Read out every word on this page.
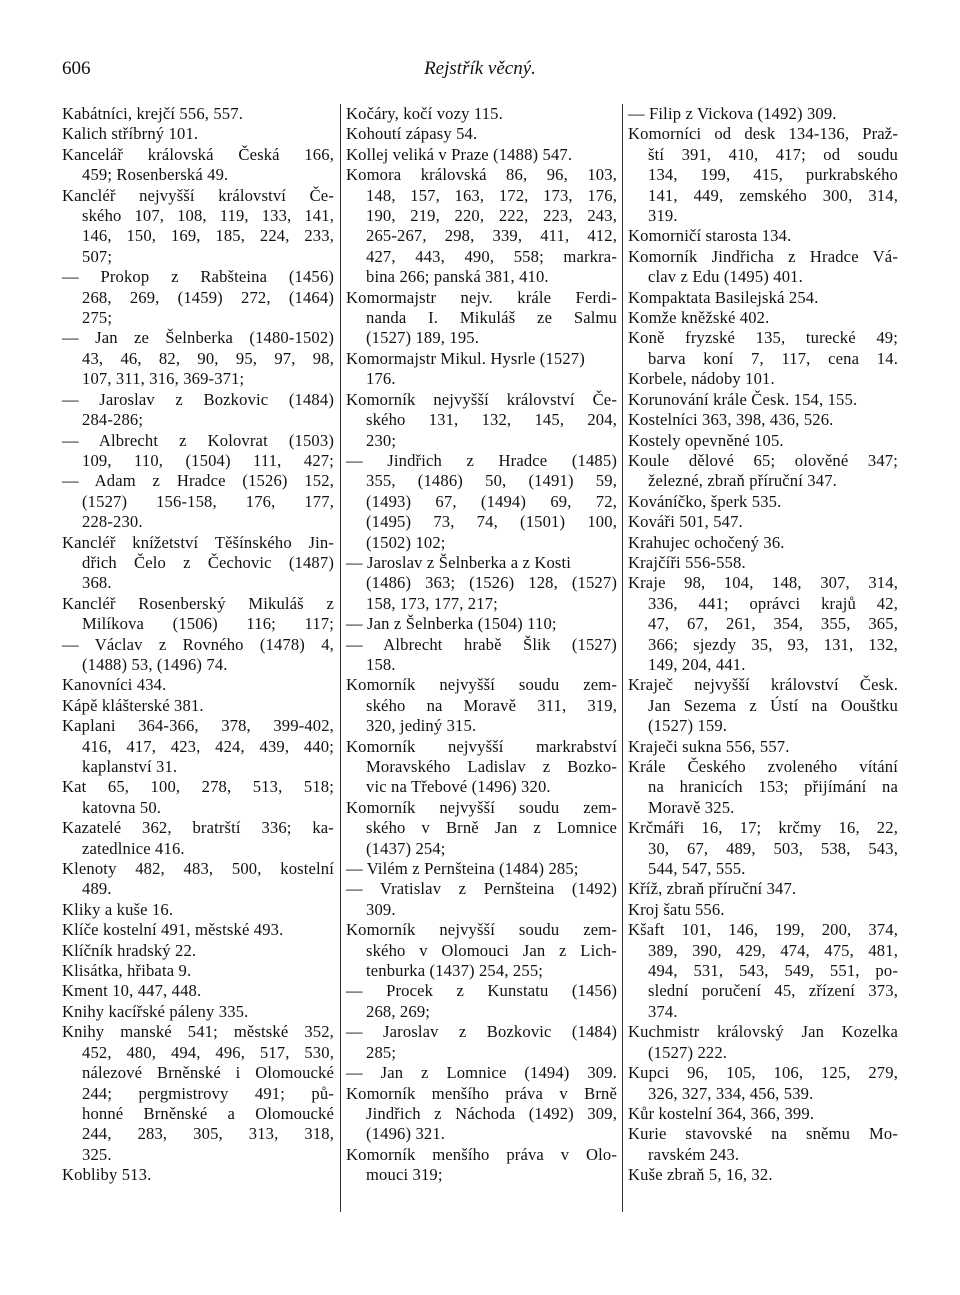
606	Rejstřík věcný.
Kabátníci, krejčí 556, 557.
Kalich stříbrný 101.
Kancelář královská Česká 166,
459; Rosenberská 49.
Kancléř nejvyšší království Če-
ského 107, 108, 119, 133, 141,
146, 150, 169, 185, 224, 233,
507;
— Prokop z Rabšteina (1456)
268, 269, (1459) 272, (1464)
275;
— Jan ze Šelnberka (1480-1502)
43, 46, 82, 90, 95, 97, 98,
107, 311, 316, 369-371;
— Jaroslav z Bozkovic (1484)
284-286;
— Albrecht z Kolovrat (1503)
109, 110, (1504) 111, 427;
— Adam z Hradce (1526) 152,
(1527) 156-158, 176, 177,
228-230.
Kancléř knížetství Těšínského Jin-
dřich Čelo z Čechovic (1487)
368.
Kancléř Rosenberský Mikuláš z
Milíkova (1506) 116; 117;
— Václav z Rovného (1478) 4,
(1488) 53, (1496) 74.
Kanovníci 434.
Kápě klášterské 381.
Kaplani 364-366, 378, 399-402,
416, 417, 423, 424, 439, 440;
kaplanství 31.
Kat 65, 100, 278, 513, 518;
katovna 50.
Kazatelé 362, bratrští 336; ka-
zatedlnice 416.
Klenoty 482, 483, 500, kostelní
489.
Kliky a kuše 16.
Klíče kostelní 491, městské 493.
Klíčník hradský 22.
Klisátka, hřibata 9.
Kment 10, 447, 448.
Knihy kacířské páleny 335.
Knihy manské 541; městské 352,
452, 480, 494, 496, 517, 530,
nálezové Brněnské i Olomoucké
244; pergmistrovy 491; pů-
honné Brněnské a Olomoucké
244, 283, 305, 313, 318,
325.
Kobliby 513.
Kočáry, kočí vozy 115.
Kohoutí zápasy 54.
Kollej veliká v Praze (1488) 547.
Komora královská 86, 96, 103,
148, 157, 163, 172, 173, 176,
190, 219, 220, 222, 223, 243,
265-267, 298, 339, 411, 412,
427, 443, 490, 558; markra-
bina 266; panská 381, 410.
Komormajstr nejv. krále Ferdi-
nanda I. Mikuláš ze Salmu
(1527) 189, 195.
Komormajstr Mikul. Hysrle (1527)
176.
Komorník nejvyšší království Če-
ského 131, 132, 145, 204,
230;
— Jindřich z Hradce (1485)
355, (1486) 50, (1491) 59,
(1493) 67, (1494) 69, 72,
(1495) 73, 74, (1501) 100,
(1502) 102;
— Jaroslav z Šelnberka a z Kosti
(1486) 363; (1526) 128, (1527)
158, 173, 177, 217;
— Jan z Šelnberka (1504) 110;
— Albrecht hrabě Šlik (1527)
158.
Komorník nejvyšší soudu zem-
ského na Moravě 311, 319,
320, jediný 315.
Komorník nejvyšší markrabství
Moravského Ladislav z Bozko-
vic na Třebové (1496) 320.
Komorník nejvyšší soudu zem-
ského v Brně Jan z Lomnice
(1437) 254;
— Vilém z Pernšteina (1484) 285;
— Vratislav z Pernšteina (1492)
309.
Komorník nejvyšší soudu zem-
ského v Olomouci Jan z Lich-
tenburka (1437) 254, 255;
— Procek z Kunstatu (1456)
268, 269;
— Jaroslav z Bozkovic (1484)
285;
— Jan z Lomnice (1494) 309.
Komorník menšího práva v Brně
Jindřich z Náchoda (1492) 309,
(1496) 321.
Komorník menšího práva v Olo-
mouci 319;
— Filip z Vickova (1492) 309.
Komorníci od desk 134-136, Praž-
ští 391, 410, 417; od soudu
134, 199, 415, purkrabského
141, 449, zemského 300, 314,
319.
Komorničí starosta 134.
Komorník Jindřicha z Hradce Vá-
clav z Edu (1495) 401.
Kompaktata Basilejská 254.
Komže kněžské 402.
Koně fryzské 135, turecké 49;
barva koní 7, 117, cena 14.
Korbele, nádoby 101.
Korunování krále Česk. 154, 155.
Kostelníci 363, 398, 436, 526.
Kostely opevněné 105.
Koule dělové 65; olověné 347;
železné, zbraň příruční 347.
Kováníčko, šperk 535.
Kováři 501, 547.
Krahujec ochočený 36.
Krajčíři 556-558.
Kraje 98, 104, 148, 307, 314,
336, 441; oprávci krajů 42,
47, 67, 261, 354, 355, 365,
366; sjezdy 35, 93, 131, 132,
149, 204, 441.
Kraječ nejvyšší království Česk.
Jan Sezema z Ústí na Oouštku
(1527) 159.
Kraječi sukna 556, 557.
Krále Českého zvoleného vítání
na hranicích 153; přijímání na
Moravě 325.
Krčmáři 16, 17; krčmy 16, 22,
30, 67, 489, 503, 538, 543,
544, 547, 555.
Kříž, zbraň příruční 347.
Kroj šatu 556.
Kšaft 101, 146, 199, 200, 374,
389, 390, 429, 474, 475, 481,
494, 531, 543, 549, 551, po-
slední poručení 45, zřízení 373,
374.
Kuchmistr královský Jan Kozelka
(1527) 222.
Kupci 96, 105, 106, 125, 279,
326, 327, 334, 456, 539.
Kůr kostelní 364, 366, 399.
Kurie stavovské na sněmu Mo-
ravském 243.
Kuše zbraň 5, 16, 32.
